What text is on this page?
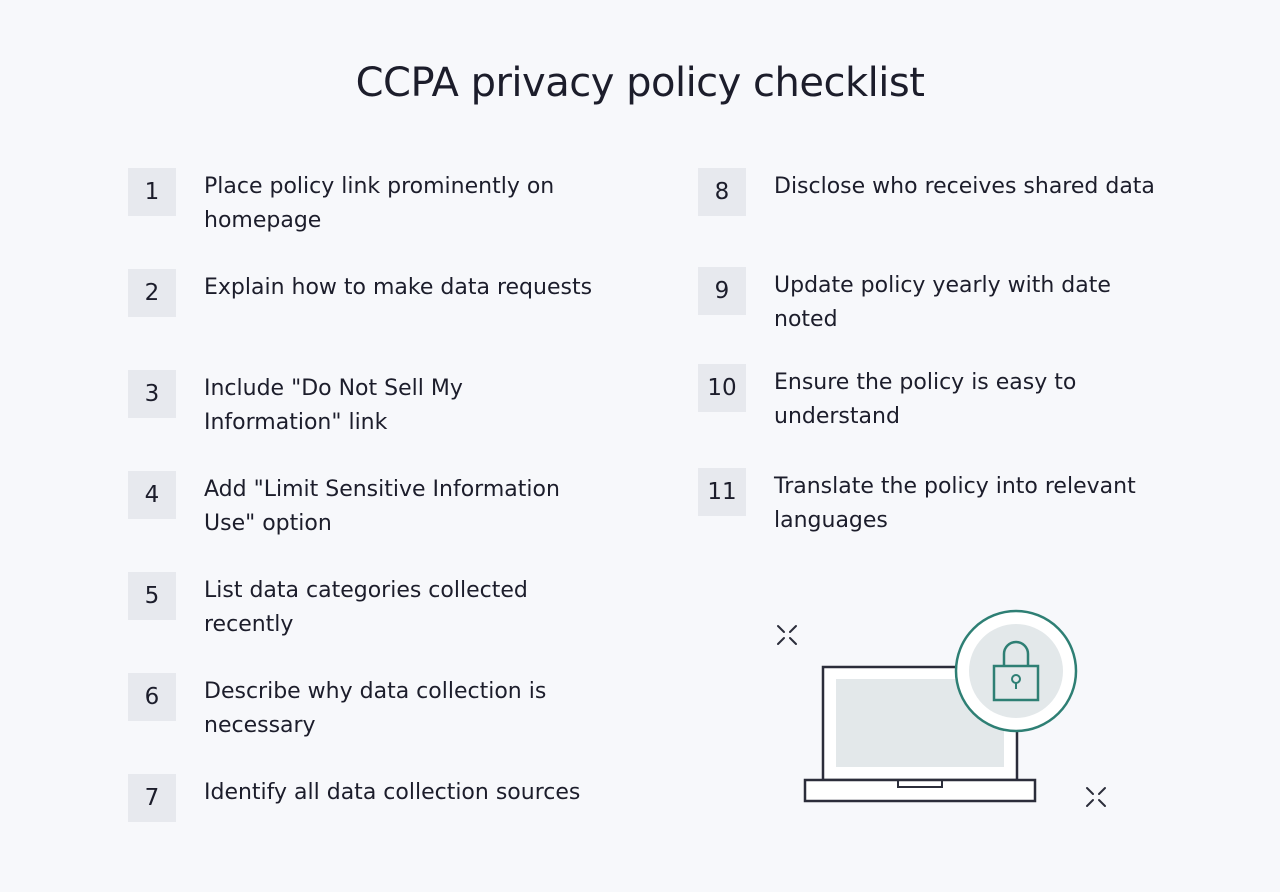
CCPA privacy policy checklist
1	Place policy link prominently on homepage
2	Explain how to make data requests
3	Include "Do Not Sell My Information" link
4	Add "Limit Sensitive Information Use" option
5	List data categories collected recently
6	Describe why data collection is necessary
7	Identify all data collection sources
8	Disclose who receives shared data
9	Update policy yearly with date noted
10	Ensure the policy is easy to understand
11	Translate the policy into relevant languages
